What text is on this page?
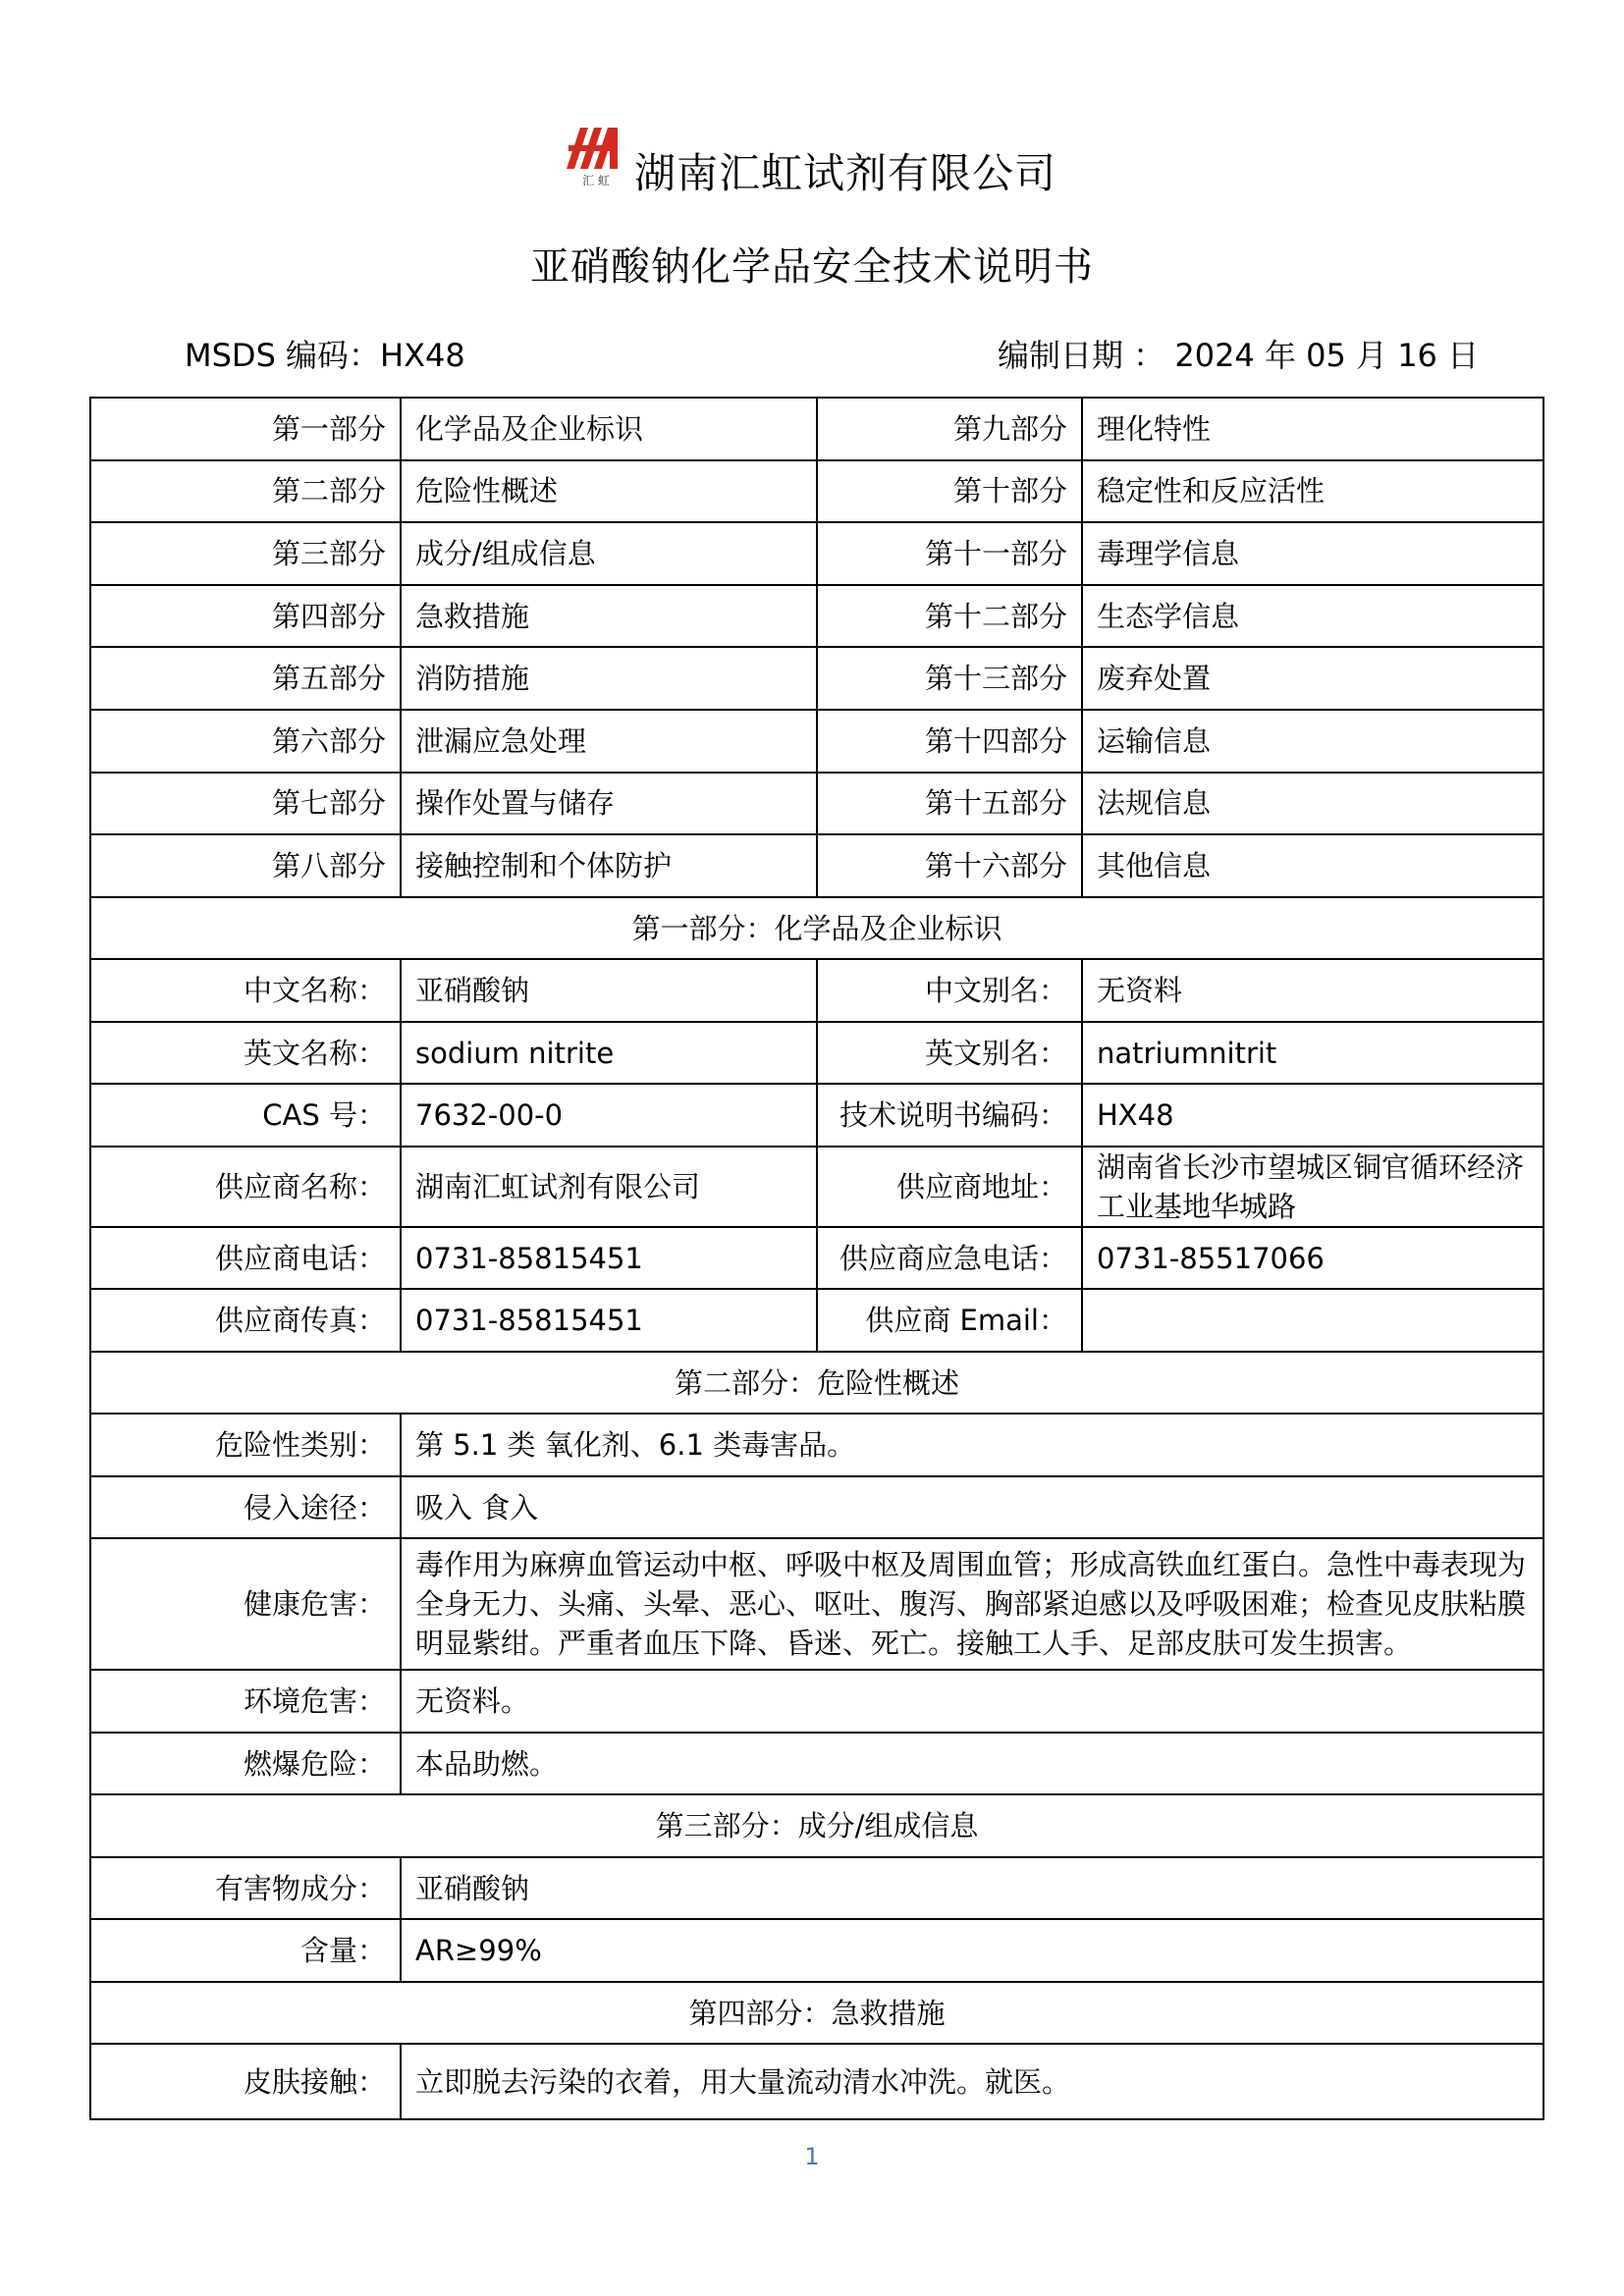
汇 虹 湖南汇虹试剂有限公司
亚硝酸钠化学品安全技术说明书
MSDS 编码：HX48	编制日期 ： 2024 年 05 月 16 日
第一部分	化学品及企业标识	第九部分	理化特性
第二部分	危险性概述	第十部分	稳定性和反应活性
第三部分	成分/组成信息	第十一部分	毒理学信息
第四部分	急救措施	第十二部分	生态学信息
第五部分	消防措施	第十三部分	废弃处置
第六部分	泄漏应急处理	第十四部分	运输信息
第七部分	操作处置与储存	第十五部分	法规信息
第八部分	接触控制和个体防护	第十六部分	其他信息
第一部分：化学品及企业标识			
中文名称：	亚硝酸钠	中文别名：	无资料
英文名称：	sodium nitrite	英文别名：	natriumnitrit
CAS 号：	7632-00-0	技术说明书编码：	HX48
供应商名称：	湖南汇虹试剂有限公司	供应商地址：	湖南省长沙市望城区铜官循环经济工业基地华城路
供应商电话：	0731-85815451	供应商应急电话：	0731-85517066
供应商传真：	0731-85815451	供应商 Email：	
第二部分：危险性概述			
危险性类别：	第 5.1 类 氧化剂、6.1 类毒害品。		
侵入途径：	吸入 食入		
健康危害：	毒作用为麻痹血管运动中枢、呼吸中枢及周围血管；形成高铁血红蛋白。急性中毒表现为全身无力、头痛、头晕、恶心、呕吐、腹泻、胸部紧迫感以及呼吸困难；检查见皮肤粘膜明显紫绀。严重者血压下降、昏迷、死亡。接触工人手、足部皮肤可发生损害。		
环境危害：	无资料。		
燃爆危险：	本品助燃。		
第三部分：成分/组成信息			
有害物成分：	亚硝酸钠		
含量：	AR≥99%		
第四部分：急救措施			
皮肤接触：	立即脱去污染的衣着，用大量流动清水冲洗。就医。		
1
